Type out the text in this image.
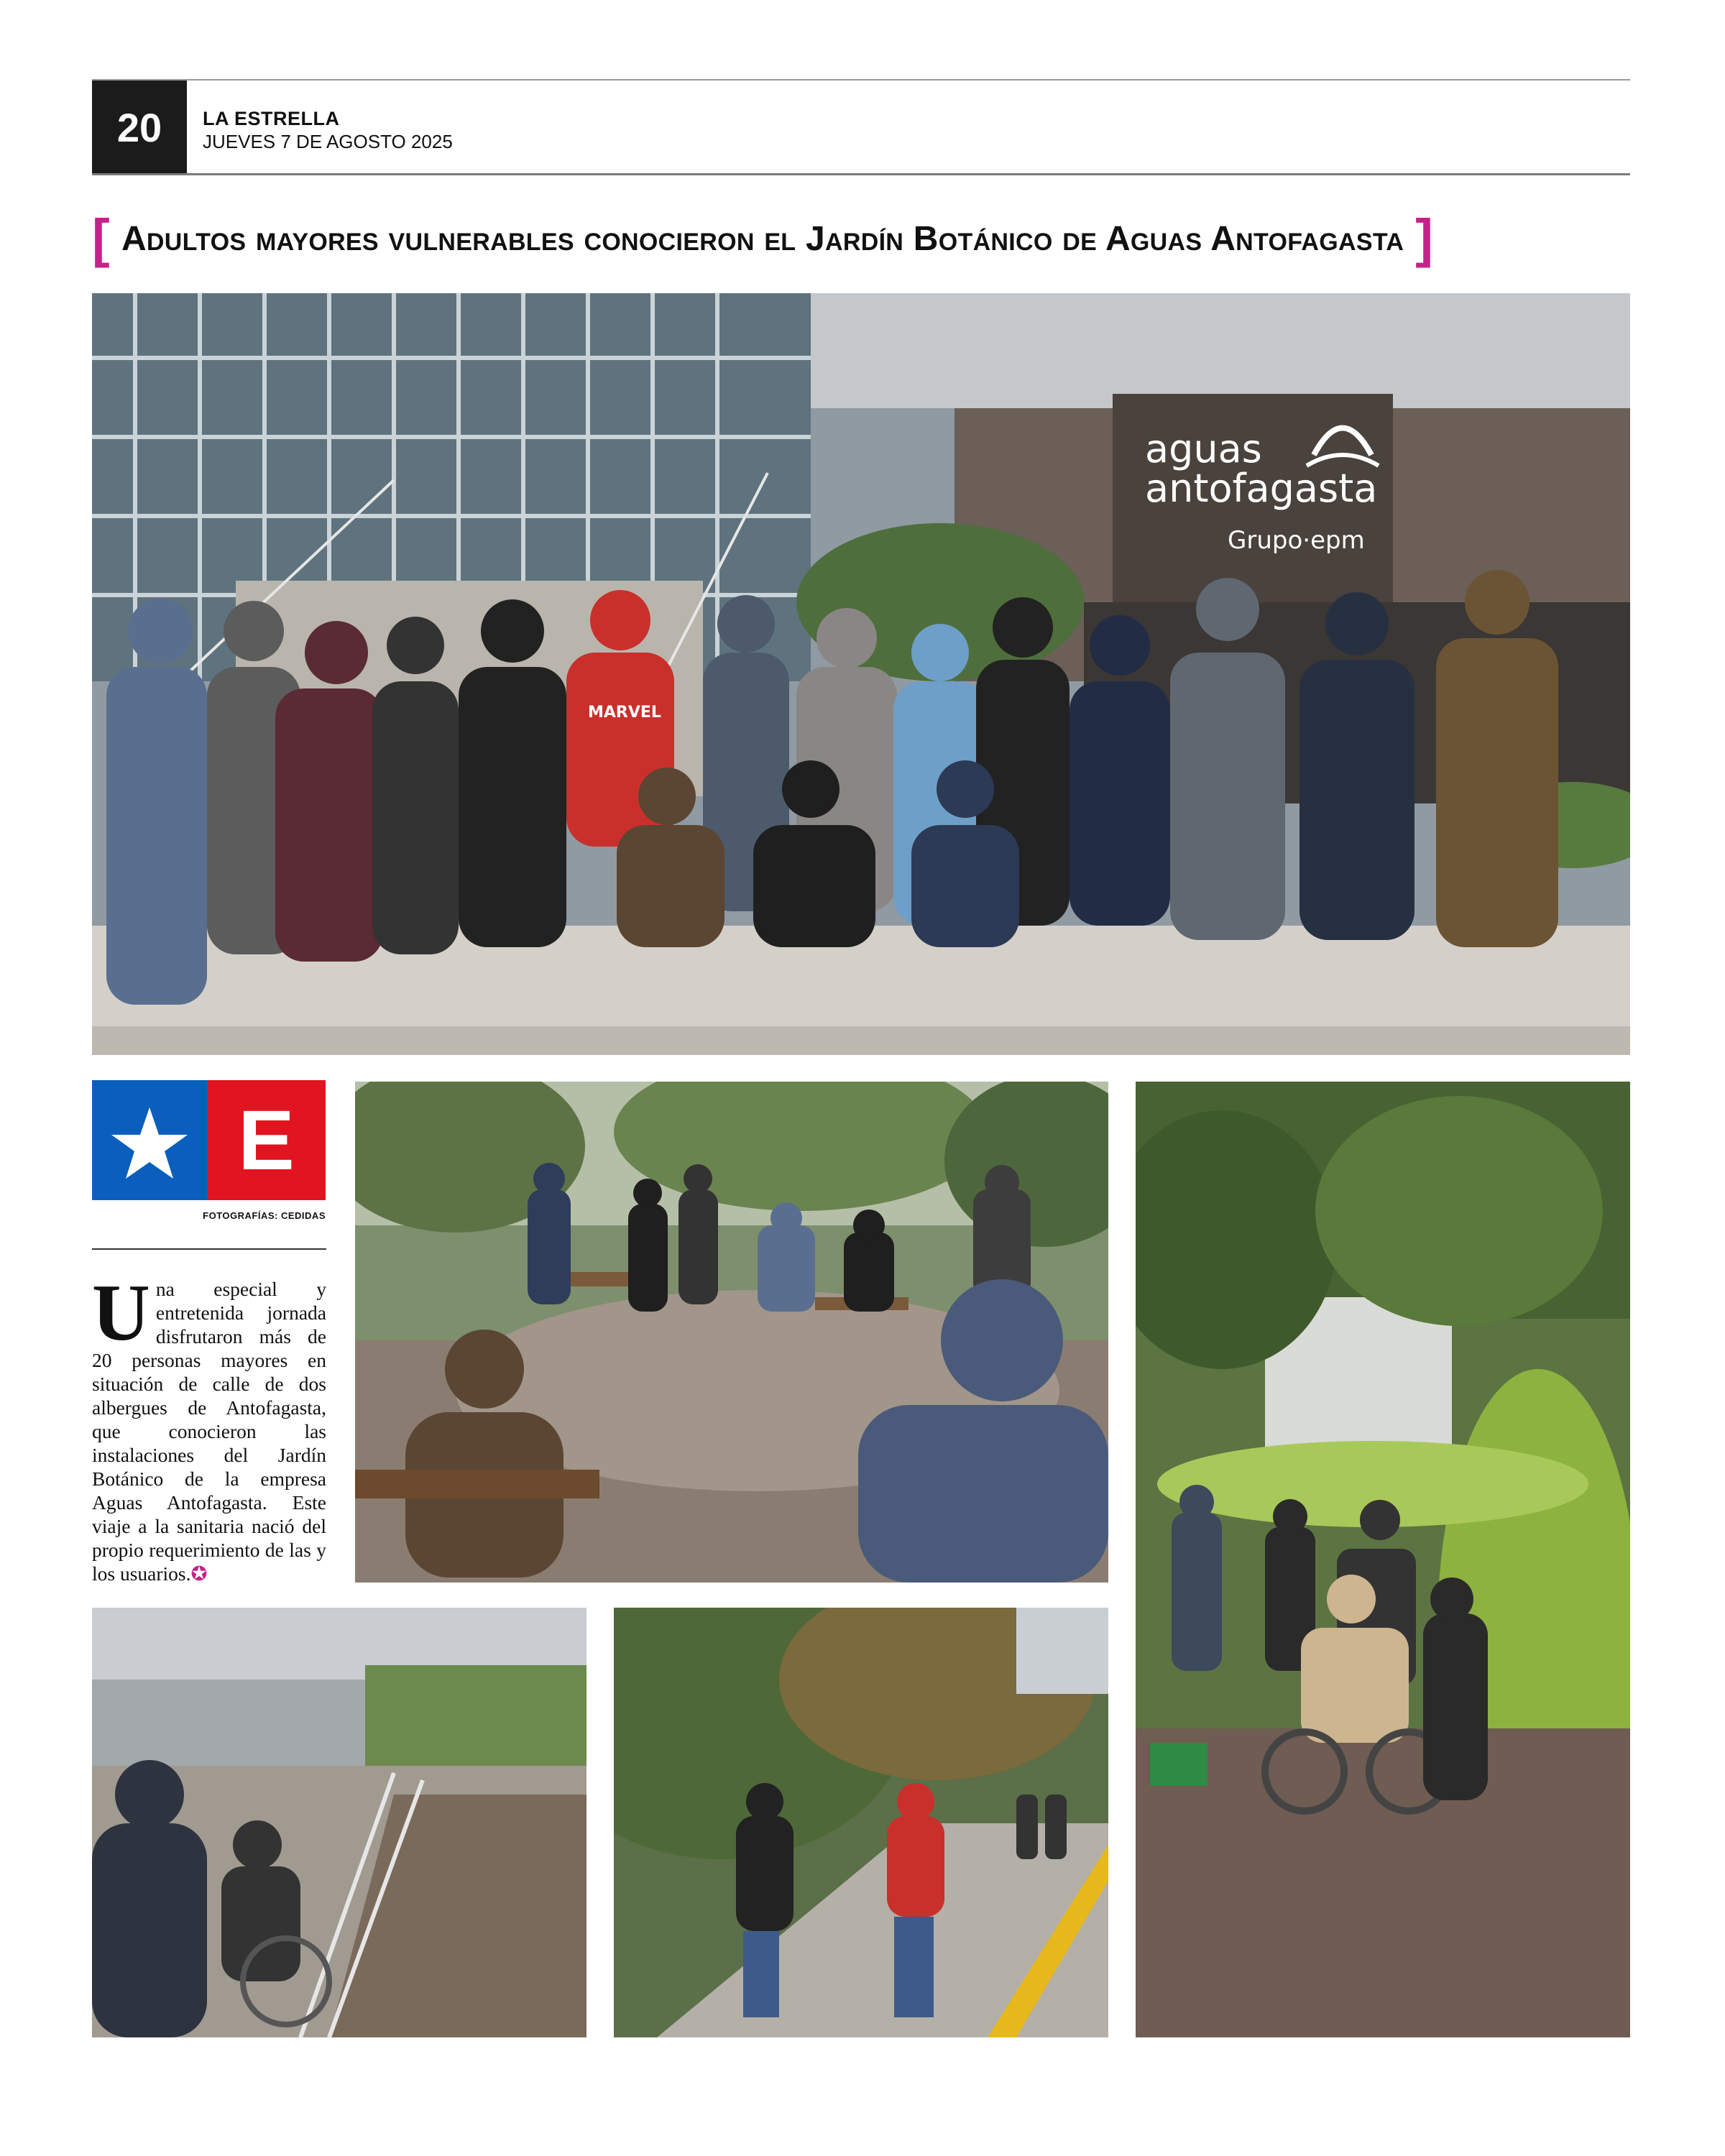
20	LA ESTRELLA
JUEVES 7 DE AGOSTO 2025
[ Adultos mayores vulnerables conocieron el Jardín Botánico de Aguas Antofagasta ]
aguas
antofagasta
Grupo·epm
MARVEL
E
FOTOGRAFÍAS: CEDIDAS
Una especial y entretenida jornada disfrutaron más de 20 personas mayores en situación de calle de dos albergues de Antofagasta, que conocieron las instalaciones del Jardín Botánico de la empresa Aguas Antofagasta. Este viaje a la sanitaria nació del propio requerimiento de las y los usuarios.✪
